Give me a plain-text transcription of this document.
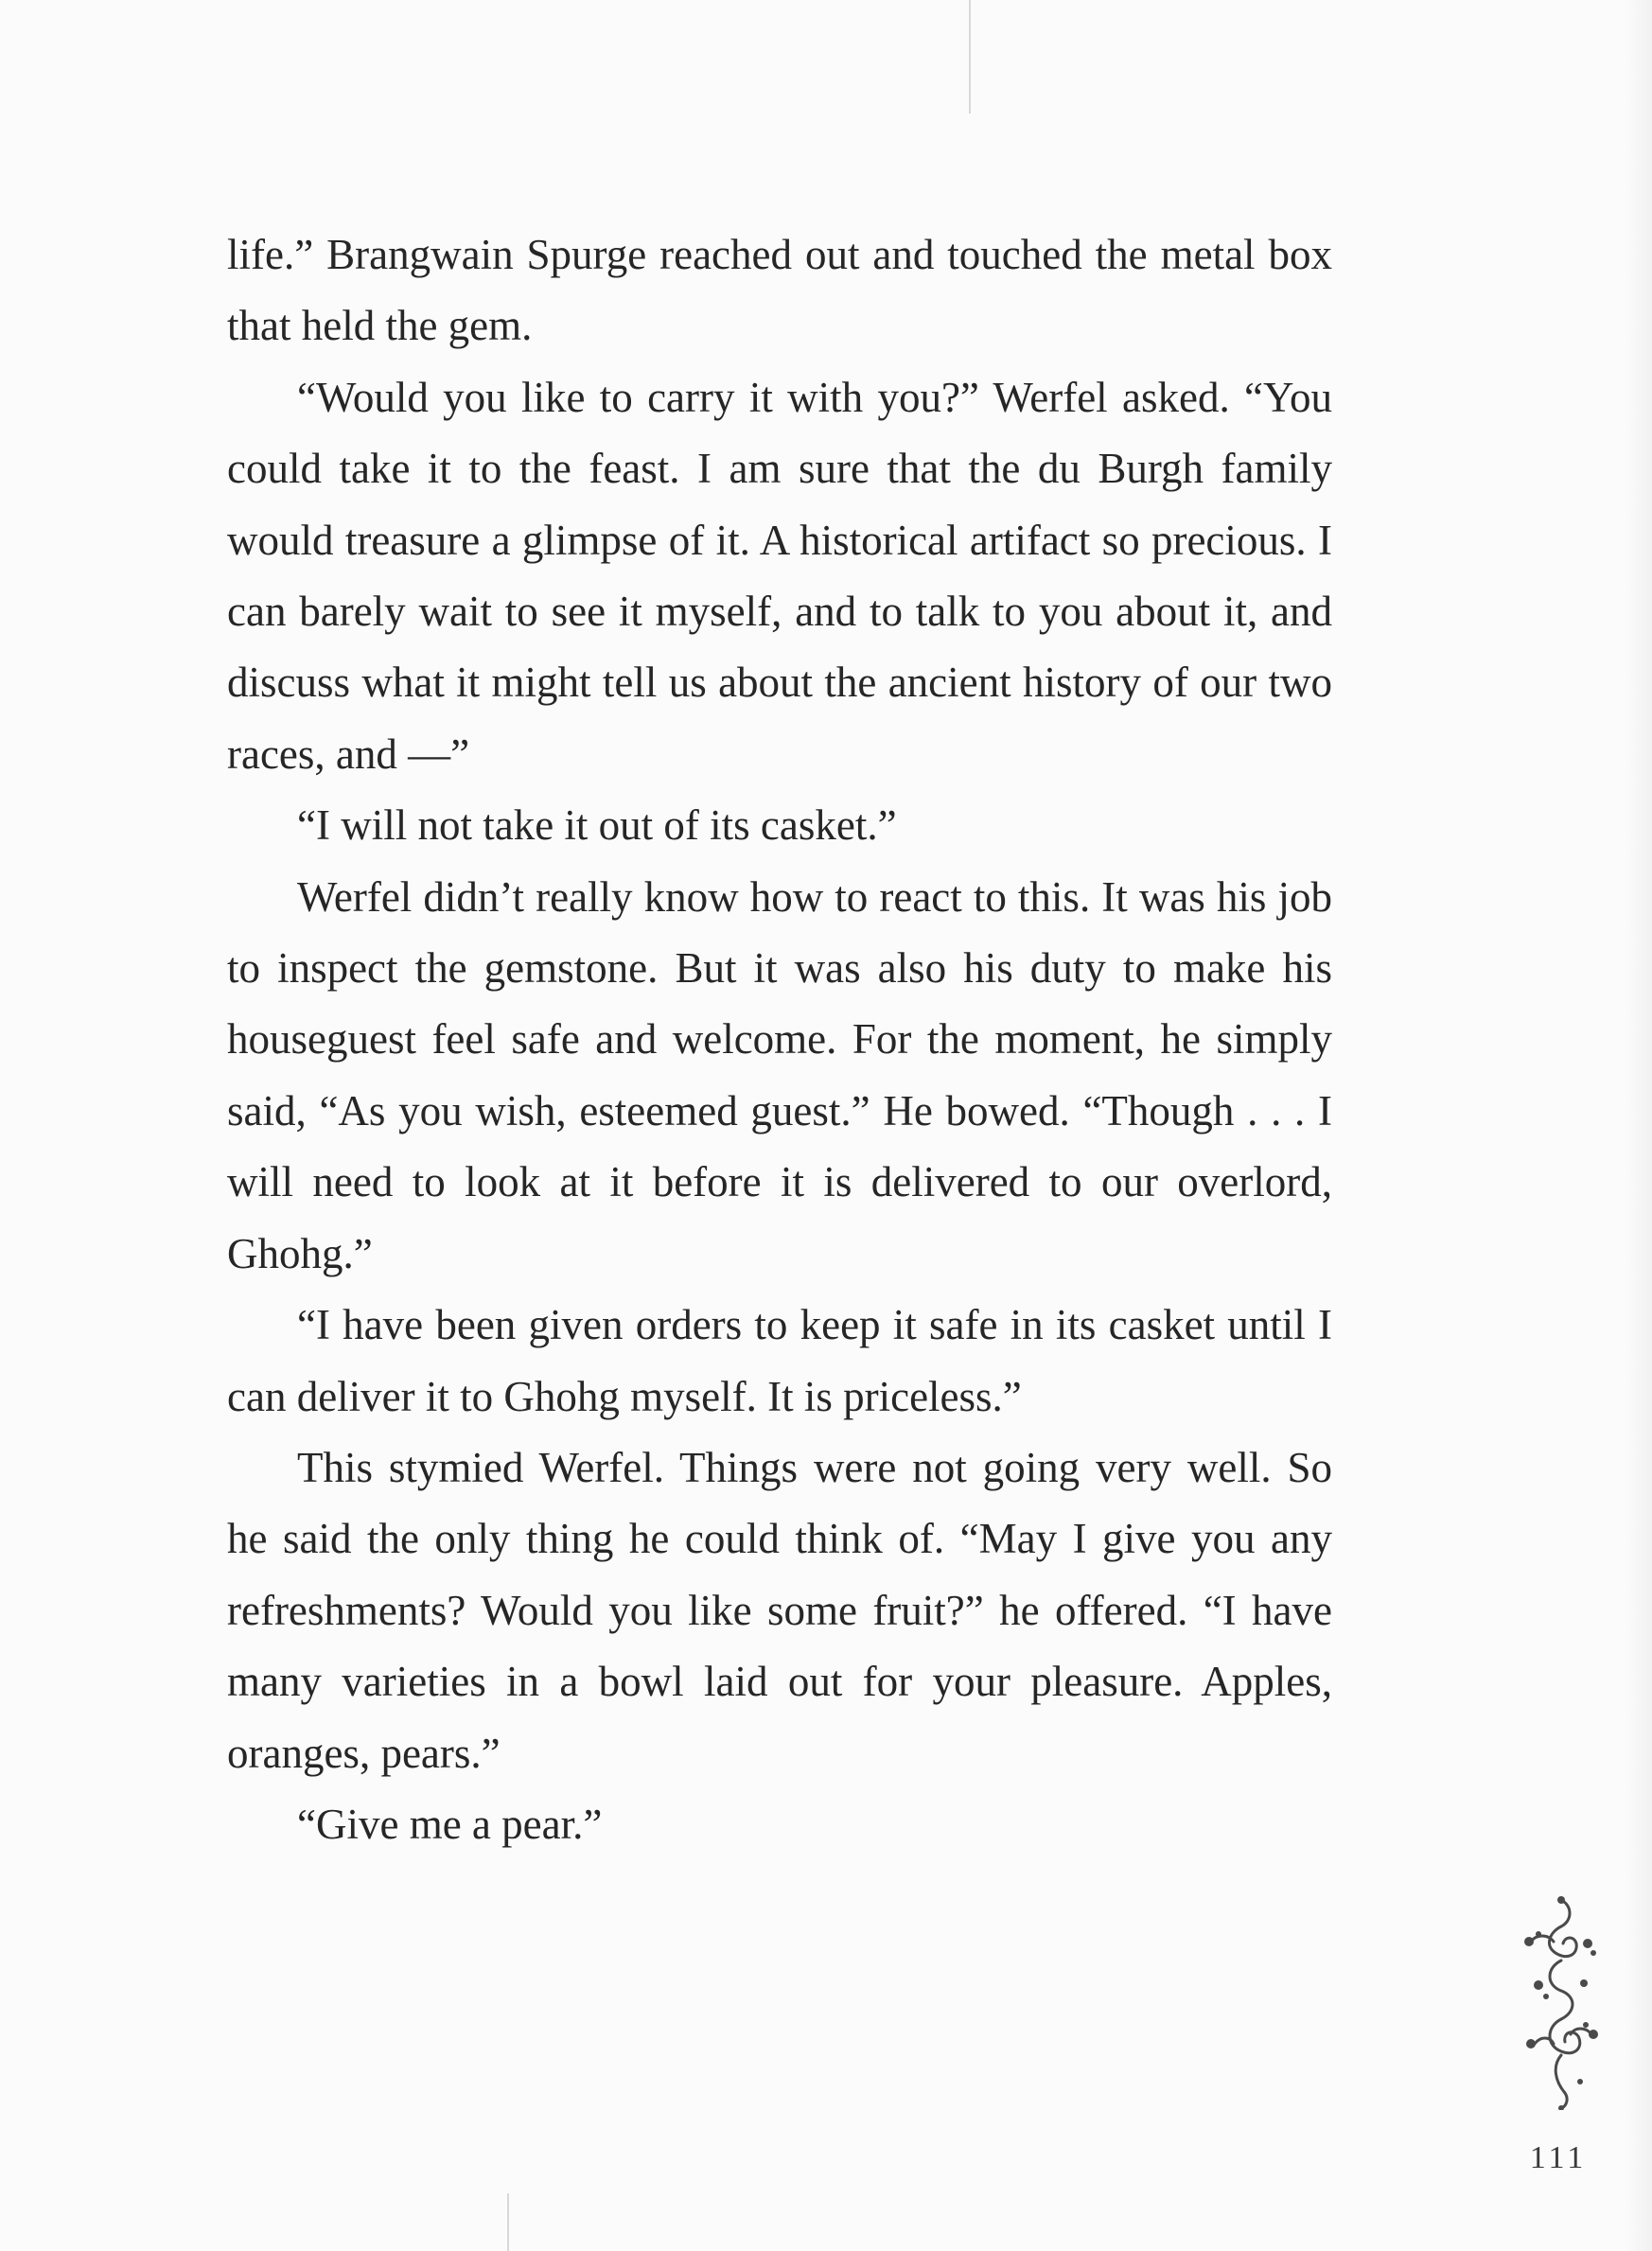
life.” Brangwain Spurge reached out and touched the metal box that held the gem.

“Would you like to carry it with you?” Werfel asked. “You could take it to the feast. I am sure that the du Burgh family would treasure a glimpse of it. A historical artifact so precious. I can barely wait to see it myself, and to talk to you about it, and discuss what it might tell us about the ancient history of our two races, and —”

“I will not take it out of its casket.”

Werfel didn’t really know how to react to this. It was his job to inspect the gemstone. But it was also his duty to make his houseguest feel safe and welcome. For the moment, he simply said, “As you wish, esteemed guest.” He bowed. “Though . . . I will need to look at it before it is delivered to our overlord, Ghohg.”

“I have been given orders to keep it safe in its casket until I can deliver it to Ghohg myself. It is priceless.”

This stymied Werfel. Things were not going very well. So he said the only thing he could think of. “May I give you any refreshments? Would you like some fruit?” he offered. “I have many varieties in a bowl laid out for your pleasure. Apples, oranges, pears.”

“Give me a pear.”

111
